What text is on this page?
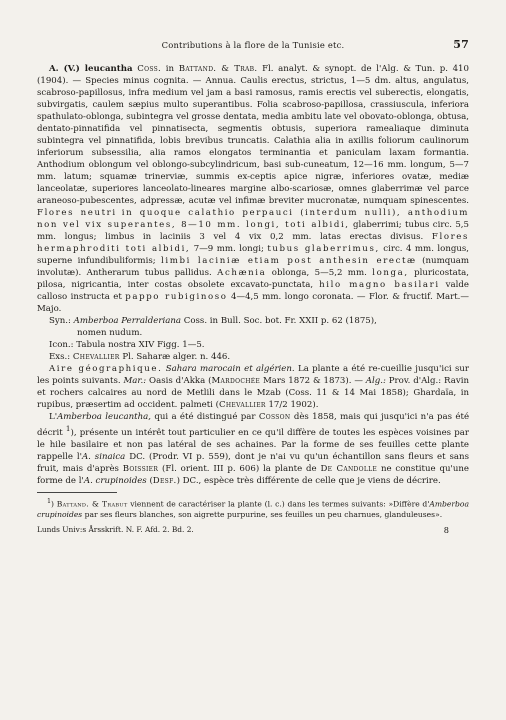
Contributions à la flore de la Tunisie etc.	57

A. (V.) leucantha Coss. in Battand. & Trab. Fl. analyt. & synopt. de l'Alg. & Tun. p. 410 (1904). — Species minus cognita. — Annua. Caulis erectus, strictus, 1—5 dm. altus, angulatus, scabroso-papillosus, infra medium vel jam a basi ramosus, ramis erectis vel suberectis, elongatis, subvirgatis, caulem sæpius multo superantibus. Folia scabroso-papillosa, crassiuscula, inferiora spathulato-oblonga, subintegra vel grosse dentata, media ambitu late vel obovato-oblonga, obtusa, dentato-pinnatifida vel pinnatisecta, segmentis obtusis, superiora ramealiaque diminuta subintegra vel pinnatifida, lobis brevibus truncatis. Calathia alia in axillis foliorum caulinorum inferiorum subsessilia, alia ramos elongatos terminantia et paniculam laxam formantia. Anthodium oblongum vel oblongo-subcylindricum, basi sub-cuneatum, 12—16 mm. longum, 5—7 mm. latum; squamæ trinerviæ, summis ex-ceptis apice nigræ, inferiores ovatæ, mediæ lanceolatæ, superiores lanceolato-lineares margine albo-scariosæ, omnes glaberrimæ vel parce araneoso-pubescentes, adpressæ, acutæ vel infimæ breviter mucronatæ, numquam spinescentes. Flores neutri in quoque calathio perpauci (interdum nulli), anthodium non vel vix superantes, 8—10 mm. longi, toti albidi, glaberrimi; tubus circ. 5,5 mm. longus; limbus in laciniis 3 vel 4 vix 0,2 mm. latas erectas divisus. Flores hermaphroditi toti albidi, 7—9 mm. longi; tubus glaberrimus, circ. 4 mm. longus, superne infundibuliformis; limbi laciniæ etiam post anthesin erectæ (numquam involutæ). Antherarum tubus pallidus. Achænia oblonga, 5—5,2 mm. longa, pluricostata, pilosa, nigricantia, inter costas obsolete excavato-punctata, hilo magno basilari valde calloso instructa et pappo rubiginoso 4—4,5 mm. longo coronata. — Flor. & fructif. Mart.—Majo.

Syn.: Amberboa Perralderiana Coss. in Bull. Soc. bot. Fr. XXII p. 62 (1875),

nomen nudum.

Icon.: Tabula nostra XIV Figg. 1—5.

Exs.: Chevallier Pl. Saharæ alger. n. 446.

Aire géographique. Sahara marocain et algérien. La plante a été re-cueillie jusqu'ici sur les points suivants. Mar.: Oasis d'Akka (Mardochée Mars 1872 & 1873). — Alg.: Prov. d'Alg.: Ravin et rochers calcaires au nord de Metlili dans le Mzab (Coss. 11 & 14 Mai 1858); Ghardaïa, in rupibus, præsertim ad occident. palmeti (Chevallier 17/2 1902).

L'Amberboa leucantha, qui a été distingué par Cosson dès 1858, mais qui jusqu'ici n'a pas été décrit $^1$), présente un intérêt tout particulier en ce qu'il diffère de toutes les espèces voisines par le hile basilaire et non pas latéral de ses achaines. Par la forme de ses feuilles cette plante rappelle l'A. sinaica DC. (Prodr. VI p. 559), dont je n'ai vu qu'un échantillon sans fleurs et sans fruit, mais d'après Boissier (Fl. orient. III p. 606) la plante de De Candolle ne constitue qu'une forme de l'A. crupinoides (Desf.) DC., espèce très différente de celle que je viens de décrire.

$^1$) Battand. & Trabut viennent de caractériser la plante (l. c.) dans les termes suivants: »Diffère d'Amberboa crupinoides par ses fleurs blanches, son aigrette purpurine, ses feuilles un peu charnues, glanduleuses».

Lunds Univ:s Årsskrift. N. F. Afd. 2. Bd. 2.	8
